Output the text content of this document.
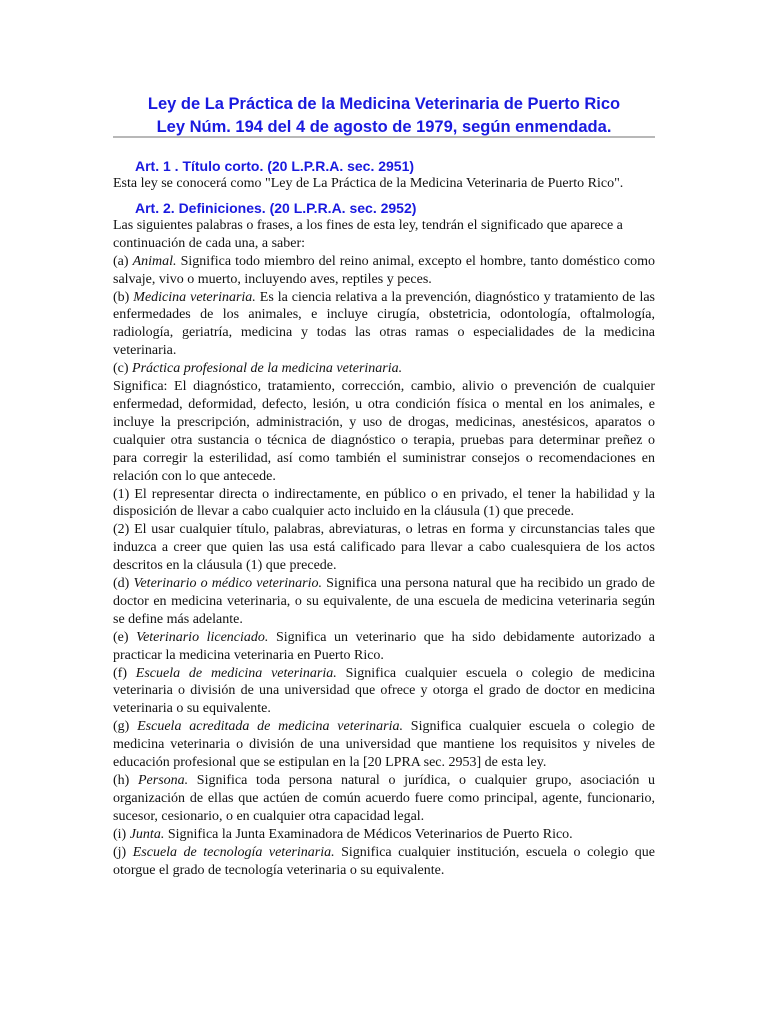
Ley de La Práctica de la Medicina Veterinaria de Puerto Rico
Ley Núm. 194 del 4 de agosto de 1979, según enmendada.

Art. 1 . Título corto. (20 L.P.R.A. sec. 2951)

Esta ley se conocerá como "Ley de La Práctica de la Medicina Veterinaria de Puerto Rico".

Art. 2. Definiciones. (20 L.P.R.A. sec. 2952)

Las siguientes palabras o frases, a los fines de esta ley, tendrán el significado que aparece a continuación de cada una, a saber:

(a) Animal. Significa todo miembro del reino animal, excepto el hombre, tanto doméstico como salvaje, vivo o muerto, incluyendo aves, reptiles y peces.

(b) Medicina veterinaria. Es la ciencia relativa a la prevención, diagnóstico y tratamiento de las enfermedades de los animales, e incluye cirugía, obstetricia, odontología, oftalmología, radiología, geriatría, medicina y todas las otras ramas o especialidades de la medicina veterinaria.

(c) Práctica profesional de la medicina veterinaria.

Significa: El diagnóstico, tratamiento, corrección, cambio, alivio o prevención de cualquier enfermedad, deformidad, defecto, lesión, u otra condición física o mental en los animales, e incluye la prescripción, administración, y uso de drogas, medicinas, anestésicos, aparatos o cualquier otra sustancia o técnica de diagnóstico o terapia, pruebas para determinar preñez o para corregir la esterilidad, así como también el suministrar consejos o recomendaciones en relación con lo que antecede.

(1) El representar directa o indirectamente, en público o en privado, el tener la habilidad y la disposición de llevar a cabo cualquier acto incluido en la cláusula (1) que precede.

(2) El usar cualquier título, palabras, abreviaturas, o letras en forma y circunstancias tales que induzca a creer que quien las usa está calificado para llevar a cabo cualesquiera de los actos descritos en la cláusula (1) que precede.

(d) Veterinario o médico veterinario. Significa una persona natural que ha recibido un grado de doctor en medicina veterinaria, o su equivalente, de una escuela de medicina veterinaria según se define más adelante.

(e) Veterinario licenciado. Significa un veterinario que ha sido debidamente autorizado a practicar la medicina veterinaria en Puerto Rico.

(f) Escuela de medicina veterinaria. Significa cualquier escuela o colegio de medicina veterinaria o división de una universidad que ofrece y otorga el grado de doctor en medicina veterinaria o su equivalente.

(g) Escuela acreditada de medicina veterinaria. Significa cualquier escuela o colegio de medicina veterinaria o división de una universidad que mantiene los requisitos y niveles de educación profesional que se estipulan en la [20 LPRA sec. 2953] de esta ley.

(h) Persona. Significa toda persona natural o jurídica, o cualquier grupo, asociación u organización de ellas que actúen de común acuerdo fuere como principal, agente, funcionario, sucesor, cesionario, o en cualquier otra capacidad legal.

(i) Junta. Significa la Junta Examinadora de Médicos Veterinarios de Puerto Rico.

(j) Escuela de tecnología veterinaria. Significa cualquier institución, escuela o colegio que otorgue el grado de tecnología veterinaria o su equivalente.
